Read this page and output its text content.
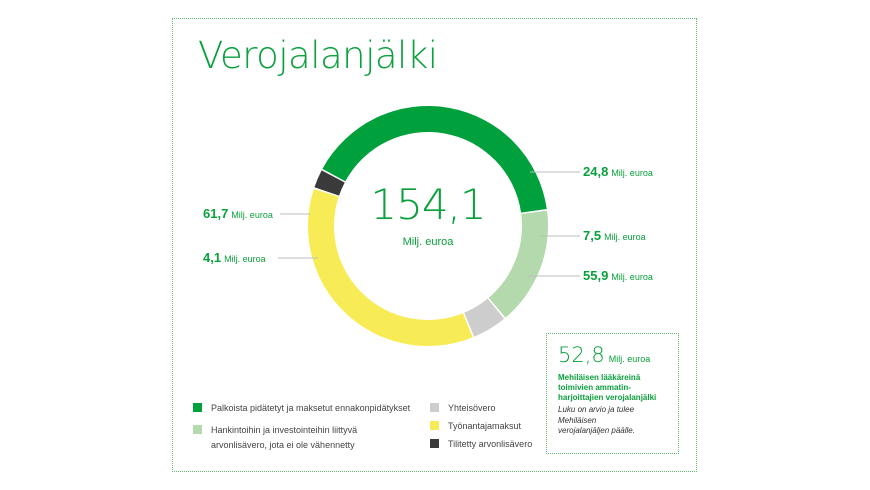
Verojalanjälki
154,1
Milj. euroa
61,7 Milj. euroa
24,8 Milj. euroa
7,5 Milj. euroa
55,9 Milj. euroa
4,1 Milj. euroa
Palkoista pidätetyt ja maksetut ennakonpidätykset
Hankintoihin ja investointeihin liittyvä
arvonlisävero, jota ei ole vähennetty
Yhteisövero
Työnantajamaksut
Tilitetty arvonlisävero
52,8 Milj. euroa
Mehiläisen lääkäreinä
toimivien ammatin-
harjoittajien verojalanjälki
Luku on arvio ja tulee
Mehiläisen
verojalanjäljen päälle.
